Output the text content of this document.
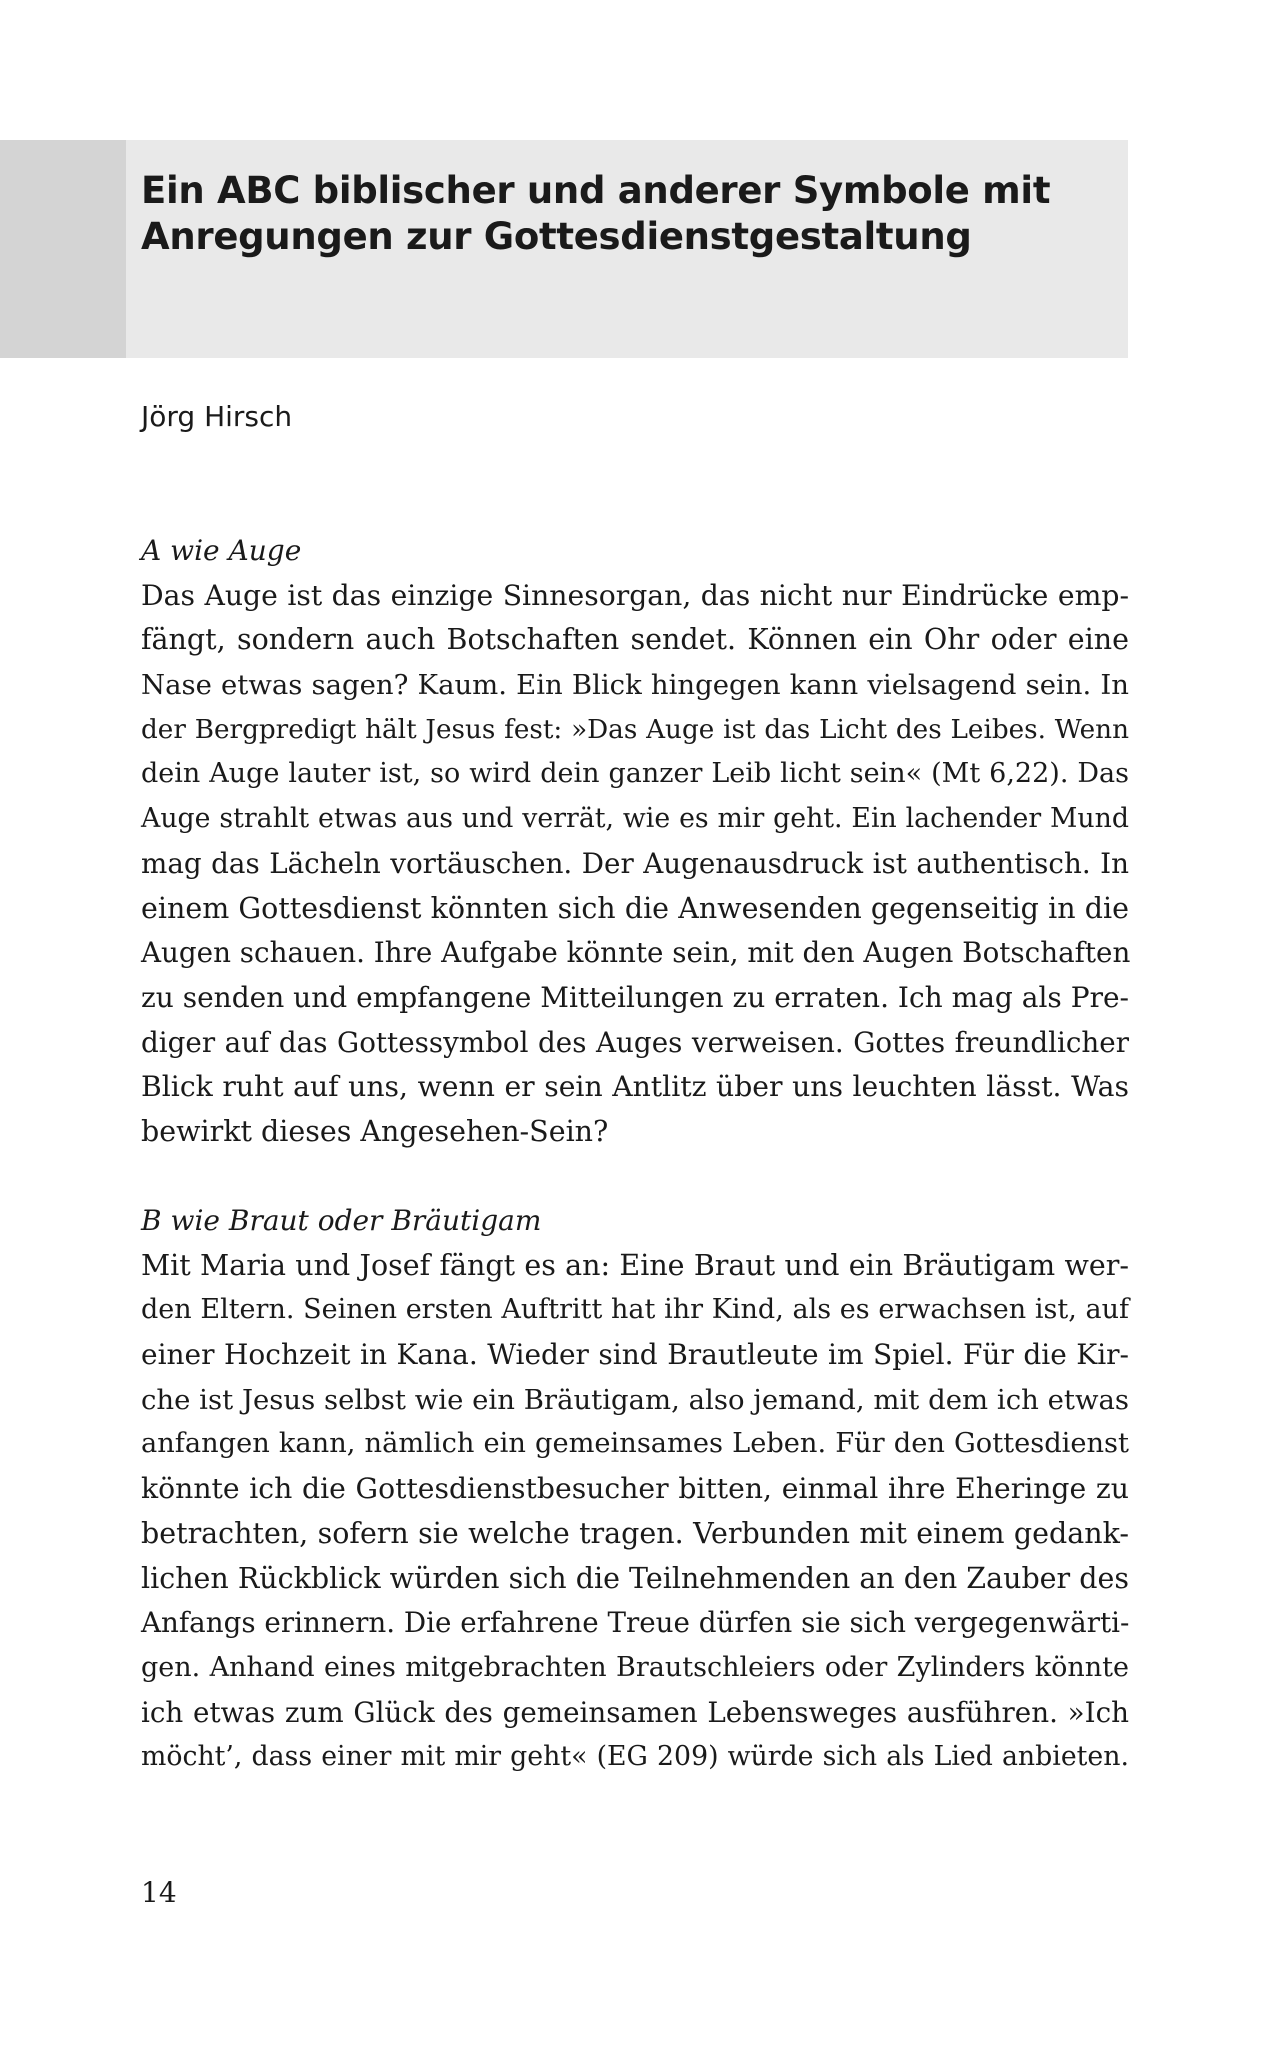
Ein ABC biblischer und anderer Symbole mit
Anregungen zur Gottesdienstgestaltung
Jörg Hirsch
A wie Auge
Das Auge ist das einzige Sinnesorgan, das nicht nur Eindrücke emp-
fängt, sondern auch Botschaften sendet. Können ein Ohr oder eine
Nase etwas sagen? Kaum. Ein Blick hingegen kann vielsagend sein. In
der Bergpredigt hält Jesus fest: »Das Auge ist das Licht des Leibes. Wenn
dein Auge lauter ist, so wird dein ganzer Leib licht sein« (Mt 6,22). Das
Auge strahlt etwas aus und verrät, wie es mir geht. Ein lachender Mund
mag das Lächeln vortäuschen. Der Augenausdruck ist authentisch. In
einem Gottesdienst könnten sich die Anwesenden gegenseitig in die
Augen schauen. Ihre Aufgabe könnte sein, mit den Augen Botschaften
zu senden und empfangene Mitteilungen zu erraten. Ich mag als Pre-
diger auf das Gottessymbol des Auges verweisen. Gottes freundlicher
Blick ruht auf uns, wenn er sein Antlitz über uns leuchten lässt. Was
bewirkt dieses Angesehen-Sein?
B wie Braut oder Bräutigam
Mit Maria und Josef fängt es an: Eine Braut und ein Bräutigam wer-
den Eltern. Seinen ersten Auftritt hat ihr Kind, als es erwachsen ist, auf
einer Hochzeit in Kana. Wieder sind Brautleute im Spiel. Für die Kir-
che ist Jesus selbst wie ein Bräutigam, also jemand, mit dem ich etwas
anfangen kann, nämlich ein gemeinsames Leben. Für den Gottesdienst
könnte ich die Gottesdienstbesucher bitten, einmal ihre Eheringe zu
betrachten, sofern sie welche tragen. Verbunden mit einem gedank-
lichen Rückblick würden sich die Teilnehmenden an den Zauber des
Anfangs erinnern. Die erfahrene Treue dürfen sie sich vergegenwärti-
gen. Anhand eines mitgebrachten Brautschleiers oder Zylinders könnte
ich etwas zum Glück des gemeinsamen Lebensweges ausführen. »Ich
möcht’, dass einer mit mir geht« (EG 209) würde sich als Lied anbieten.
14
